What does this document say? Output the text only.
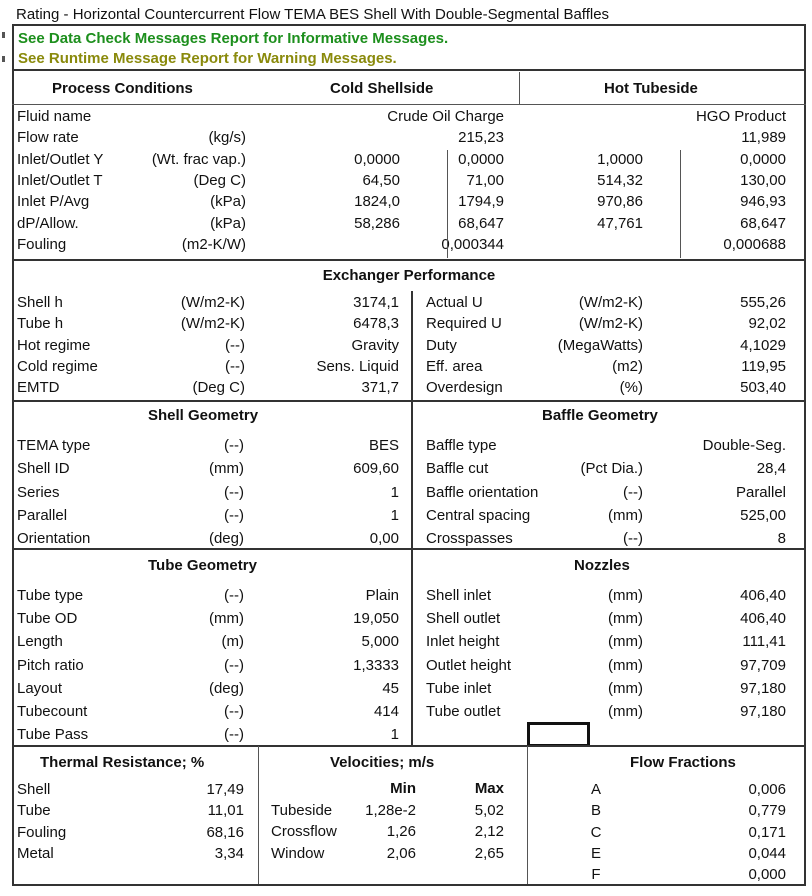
Rating - Horizontal Countercurrent Flow TEMA BES Shell With Double-Segmental Baffles
See Data Check Messages Report for Informative Messages.
See Runtime Message Report for Warning Messages.
Process Conditions	Cold Shellside	Hot Tubeside
Fluid name	Crude Oil Charge	HGO Product
Flow rate	(kg/s)	215,23	11,989
Inlet/Outlet Y	(Wt. frac vap.)	0,0000	0,0000	1,0000	0,0000
Inlet/Outlet T	(Deg C)	64,50	71,00	514,32	130,00
Inlet P/Avg	(kPa)	1824,0	1794,9	970,86	946,93
dP/Allow.	(kPa)	58,286	68,647	47,761	68,647
Fouling	(m2-K/W)	0,000344	0,000688
Exchanger Performance
Shell h	(W/m2-K)	3174,1
Tube h	(W/m2-K)	6478,3
Hot regime	(--)	Gravity
Cold regime	(--)	Sens. Liquid
EMTD	(Deg C)	371,7
Actual U	(W/m2-K)	555,26
Required U	(W/m2-K)	92,02
Duty	(MegaWatts)	4,1029
Eff. area	(m2)	119,95
Overdesign	(%)	503,40
Shell Geometry	Baffle Geometry
TEMA type	(--)	BES
Shell ID	(mm)	609,60
Series	(--)	1
Parallel	(--)	1
Orientation	(deg)	0,00
Baffle type	Double-Seg.
Baffle cut	(Pct Dia.)	28,4
Baffle orientation	(--)	Parallel
Central spacing	(mm)	525,00
Crosspasses	(--)	8
Tube Geometry	Nozzles
Tube type	(--)	Plain
Tube OD	(mm)	19,050
Length	(m)	5,000
Pitch ratio	(--)	1,3333
Layout	(deg)	45
Tubecount	(--)	414
Tube Pass	(--)	1
Shell inlet	(mm)	406,40
Shell outlet	(mm)	406,40
Inlet height	(mm)	111,41
Outlet height	(mm)	97,709
Tube inlet	(mm)	97,180
Tube outlet	(mm)	97,180
Thermal Resistance; %	Velocities; m/s	Flow Fractions
Min	Max
Shell	17,49
Tube	11,01
Fouling	68,16
Metal	3,34
Tubeside	1,28e-2	5,02
Crossflow	1,26	2,12
Window	2,06	2,65
A	0,006
B	0,779
C	0,171
E	0,044
F	0,000
